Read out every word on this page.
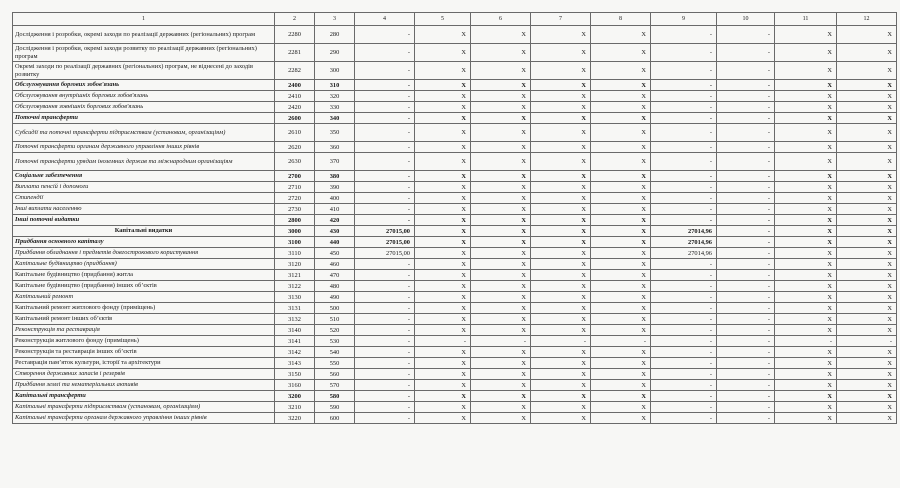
1	2	3	4	5	6	7	8	9	10	11	12
Дослідження і розробки, окремі заходи по реалізації державних (регіональних) програм	2280	280	-	X	X	X	X	-	-	X	X
Дослідження і розробки, окремі заходи розвитку по реалізації державних (регіональних) програм	2281	290	-	X	X	X	X	-	-	X	X
Окремі заходи по реалізації державних (регіональних) програм, не віднесені до заходів розвитку	2282	300	-	X	X	X	X	-	-	X	X
Обслуговування боргових зобов'язань	2400	310	-	X	X	X	X	-	-	X	X
Обслуговування внутрішніх боргових зобов'язань	2410	320	-	X	X	X	X	-	-	X	X
Обслуговування зовнішніх боргових зобов'язань	2420	330	-	X	X	X	X	-	-	X	X
Поточні трансферти	2600	340	-	X	X	X	X	-	-	X	X
Субсидії та поточні трансферти підприємствам (установам, організаціям)	2610	350	-	X	X	X	X	-	-	X	X
Поточні трансферти органам державного управління інших рівнів	2620	360	-	X	X	X	X	-	-	X	X
Поточні трансферти урядам іноземних держав та міжнародним організаціям	2630	370	-	X	X	X	X	-	-	X	X
Соціальне забезпечення	2700	380	-	X	X	X	X	-	-	X	X
Виплата пенсій і допомоги	2710	390	-	X	X	X	X	-	-	X	X
Стипендії	2720	400	-	X	X	X	X	-	-	X	X
Інші виплати населенню	2730	410	-	X	X	X	X	-	-	X	X
Інші поточні видатки	2800	420	-	X	X	X	X	-	-	X	X
Капітальні видатки	3000	430	27015,00	X	X	X	X	27014,96	-	X	X
Придбання основного капіталу	3100	440	27015,00	X	X	X	X	27014,96	-	X	X
Придбання обладнання і предметів довгострокового користування	3110	450	27015,00	X	X	X	X	27014,96	-	X	X
Капітальне будівництво (придбання)	3120	460	-	X	X	X	X	-	-	X	X
Капітальне будівництво (придбання) житла	3121	470	-	X	X	X	X	-	-	X	X
Капітальне будівництво (придбання) інших об’єктів	3122	480	-	X	X	X	X	-	-	X	X
Капітальний ремонт	3130	490	-	X	X	X	X	-	-	X	X
Капітальний ремонт житлового фонду (приміщень)	3131	500	-	X	X	X	X	-	-	X	X
Капітальний ремонт інших об’єктів	3132	510	-	X	X	X	X	-	-	X	X
Реконструкція та реставрація	3140	520	-	X	X	X	X	-	-	X	X
Реконструкція житлового фонду (приміщень)	3141	530	-	-	-	-	-	-	-	-	-
Реконструкція та реставрація інших об’єктів	3142	540	-	X	X	X	X	-	-	X	X
Реставрація пам’яток культури, історії та архітектури	3143	550	-	X	X	X	X	-	-	X	X
Створення державних запасів і резервів	3150	560	-	X	X	X	X	-	-	X	X
Придбання землі та нематеріальних активів	3160	570	-	X	X	X	X	-	-	X	X
Капітальні трансферти	3200	580	-	X	X	X	X	-	-	X	X
Капітальні трансферти підприємствам (установам, організаціям)	3210	590	-	X	X	X	X	-	-	X	X
Капітальні трансферти органам державного управління інших рівнів	3220	600	-	X	X	X	X	-	-	X	X
